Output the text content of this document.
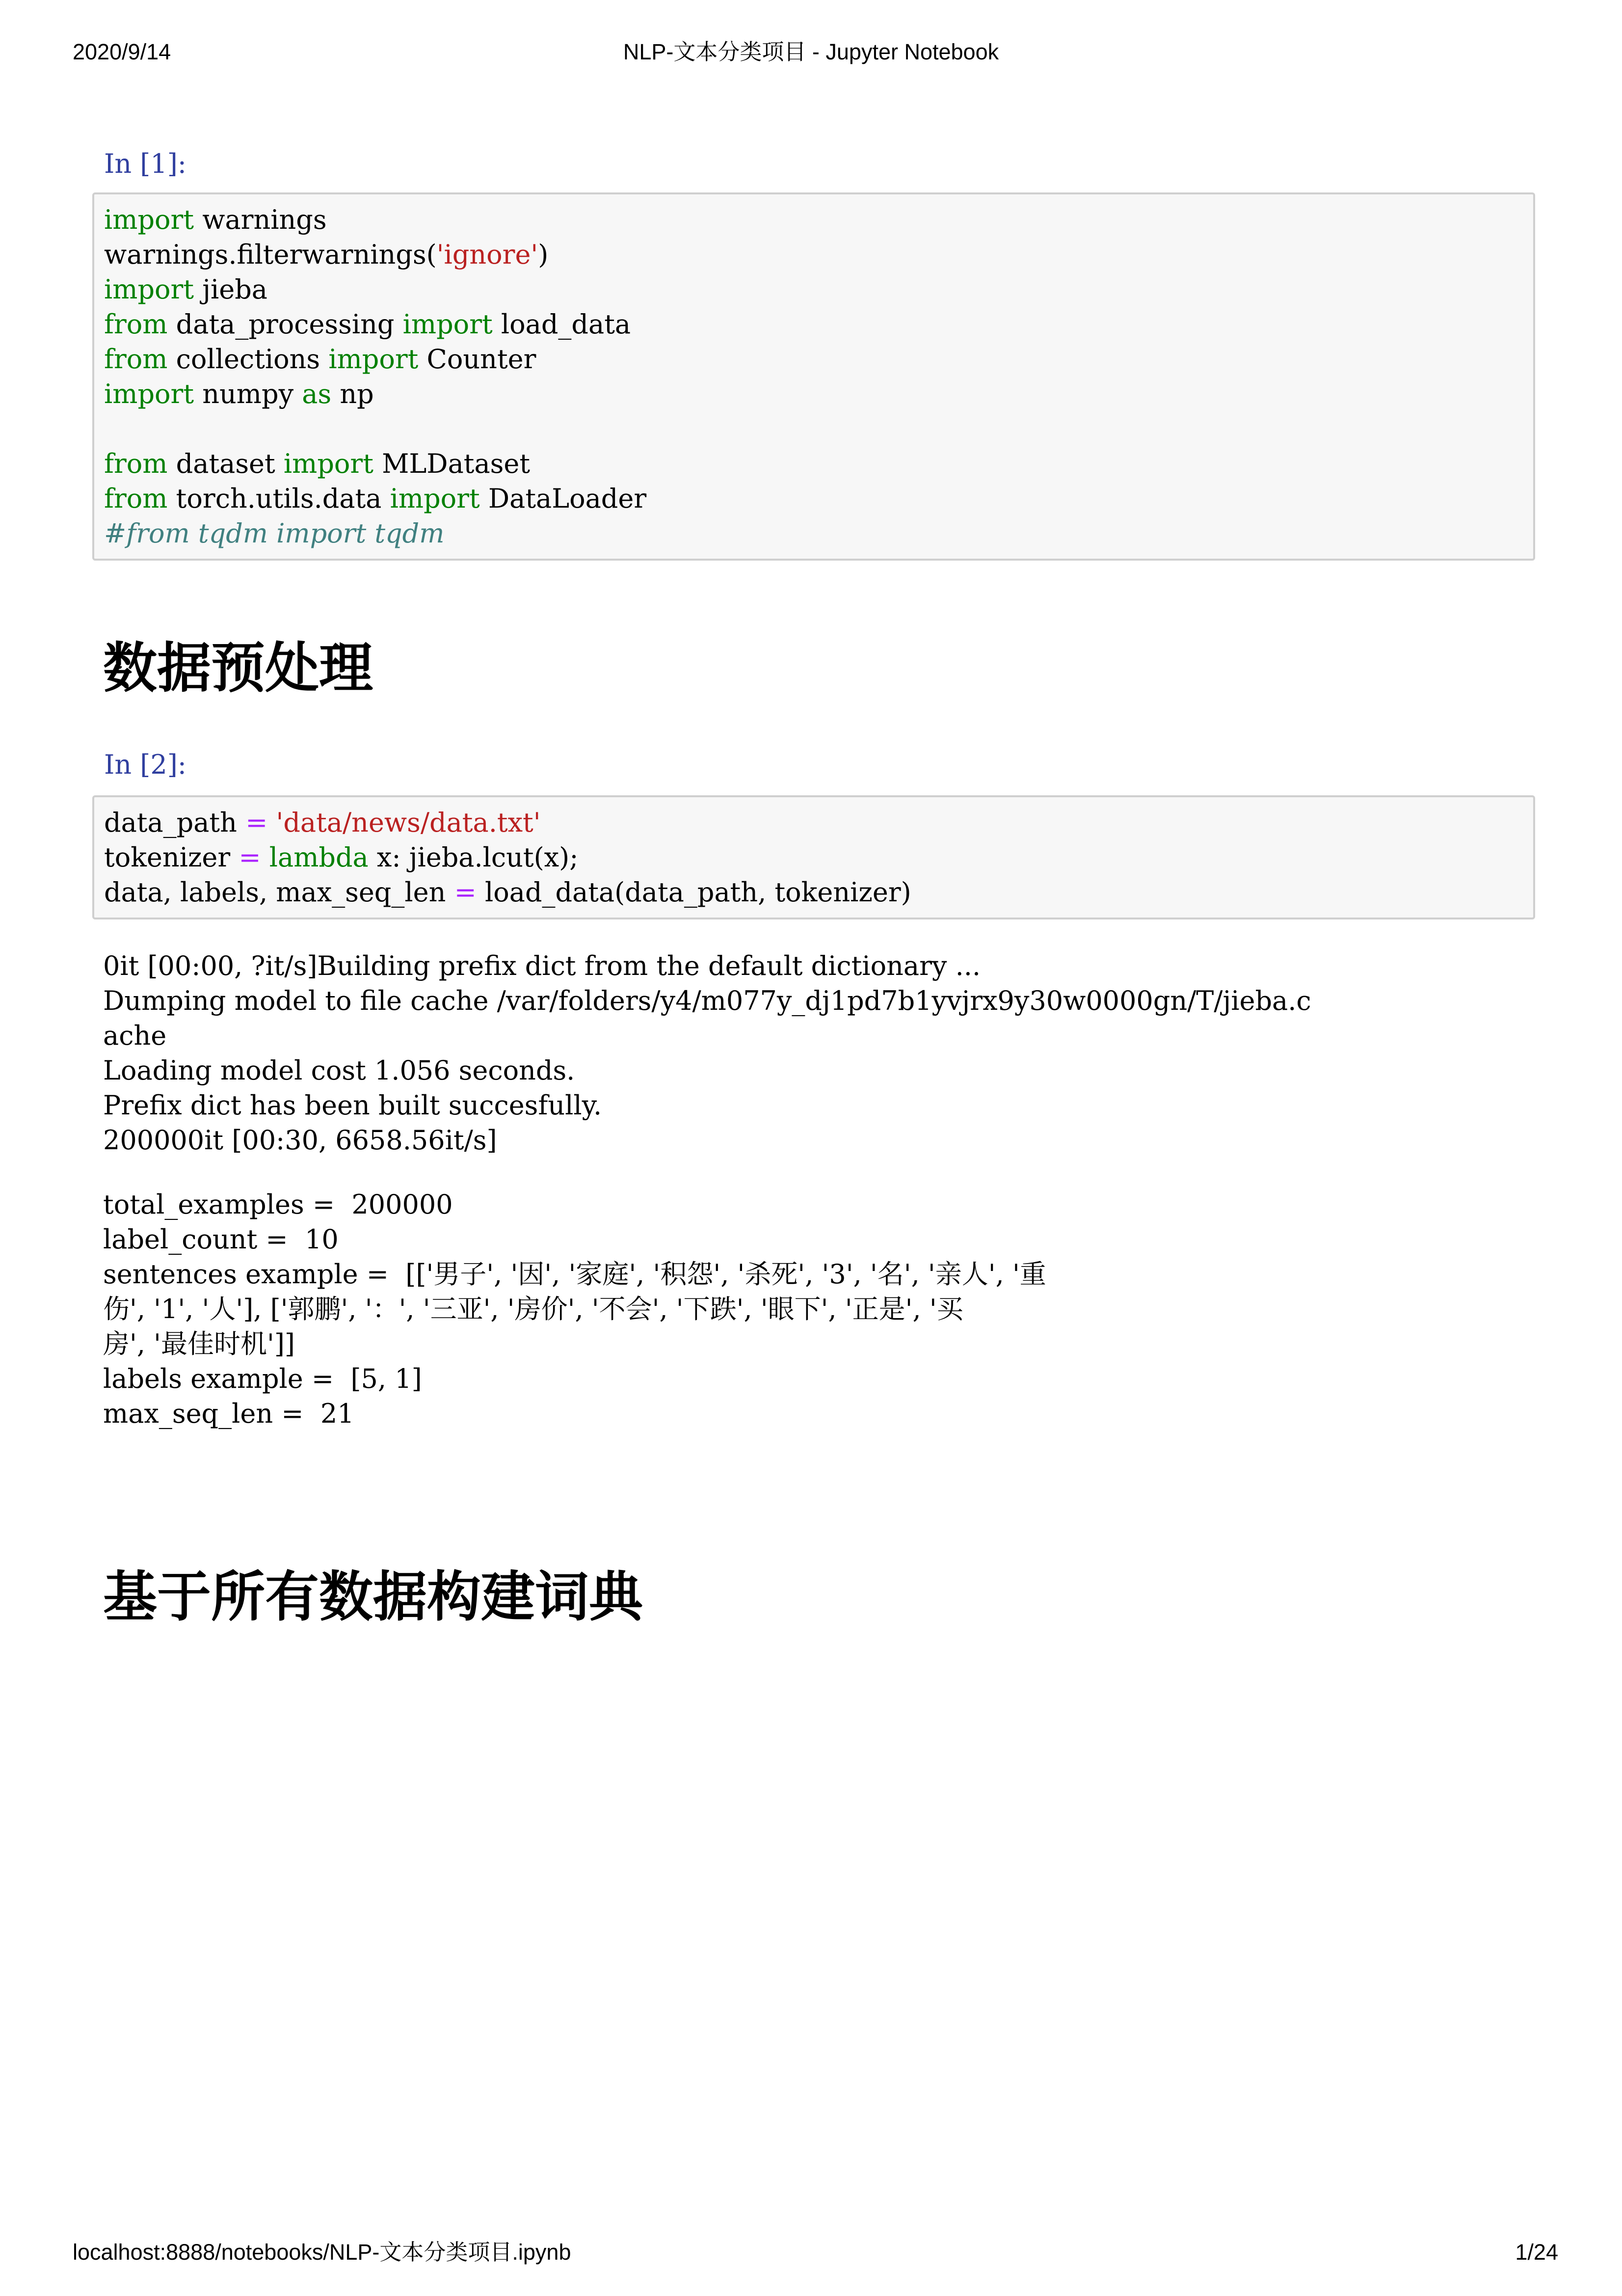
2020/9/14	NLP-文本分类项目 - Jupyter Notebook
In [1]:
import warnings
warnings.filterwarnings('ignore')
import jieba
from data_processing import load_data
from collections import Counter
import numpy as np
from dataset import MLDataset
from torch.utils.data import DataLoader
#from tqdm import tqdm
数据预处理
In [2]:
data_path = 'data/news/data.txt'
tokenizer = lambda x: jieba.lcut(x);
data, labels, max_seq_len = load_data(data_path, tokenizer)
0it [00:00, ?it/s]Building prefix dict from the default dictionary ...
Dumping model to file cache /var/folders/y4/m077y_dj1pd7b1yvjrx9y30w0000gn/T/jieba.c
ache
Loading model cost 1.056 seconds.
Prefix dict has been built succesfully.
200000it [00:30, 6658.56it/s]
total_examples =  200000
label_count =  10
sentences example =  [['男子', '因', '家庭', '积怨', '杀死', '3', '名', '亲人', '重
伤', '1', '人'], ['郭鹏', '：', '三亚', '房价', '不会', '下跌', '眼下', '正是', '买
房', '最佳时机']]
labels example =  [5, 1]
max_seq_len =  21
基于所有数据构建词典
localhost:8888/notebooks/NLP-文本分类项目.ipynb	1/24
